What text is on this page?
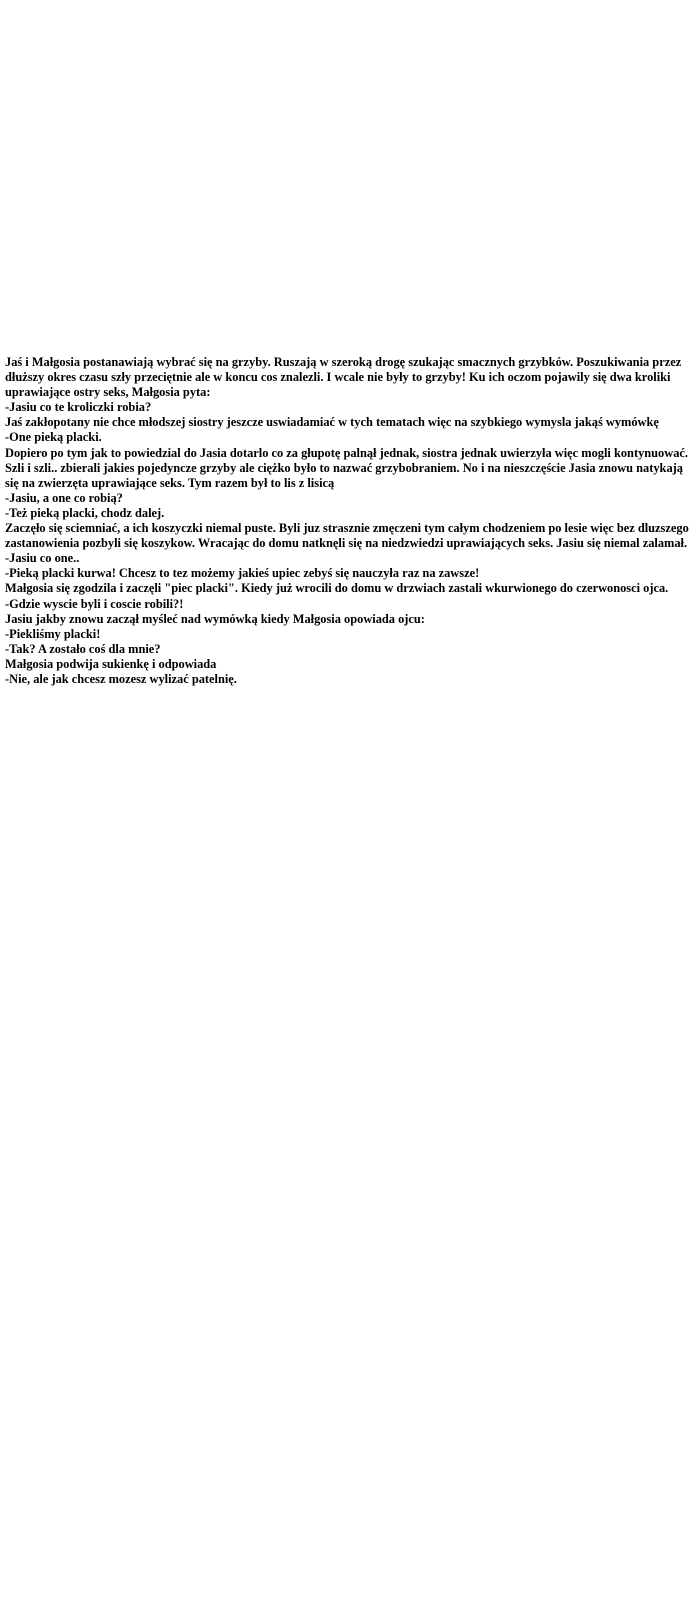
Jaś i Małgosia postanawiają wybrać się na grzyby. Ruszają w szeroką drogę szukając smacznych grzybków. Poszukiwania przez dłuższy okres czasu szły przeciętnie ale w koncu cos znalezli. I wcale nie były to grzyby! Ku ich oczom pojawily się dwa krolikі uprawiające ostry seks, Małgosia pyta:

-Jasiu co te kroliczki robia?

Jaś zakłopotany nie chce młodszej siostry jeszcze uswiadamiać w tych tematach więc na szybkiego wymysla jakąś wymówkę

-One pieką placki.

Dopiero po tym jak to powiedzial do Jasia dotarlo co za głupotę palnął jednak, siostra jednak uwierzyła więc mogli kontynuować. Szli i szli.. zbierali jakies pojedyncze grzyby ale ciężko było to nazwać grzybobraniem. No i na nieszczęście Jasia znowu natykają się na zwierzęta uprawiające seks. Tym razem był to lis z lisicą

-Jasiu, a one co robią?

-Też pieką placki, chodz dalej.

Zaczęło się sciemniać, a ich koszyczki niemal puste. Byli juz strasznie zmęczeni tym całym chodzeniem po lesie więc bez dluzszego zastanowienia pozbyli się koszykow. Wracając do domu natknęli się na niedzwiedzi uprawiających seks. Jasiu się niemal zalamał.

-Jasiu co one..

-Pieką placki kurwa! Chcesz to tez możemy jakieś upiec zebyś się nauczyła raz na zawsze!

Małgosia się zgodzila i zaczęli "piec placki". Kiedy już wrocili do domu w drzwiach zastali wkurwionego do czerwonosci ojca.

-Gdzie wyscie byli i coscie robili?!

Jasiu jakby znowu zaczął myśleć nad wymówką kiedy Małgosia opowiada ojcu:

-Piekliśmy placki!

-Tak? A zostało coś dla mnie?

Małgosia podwija sukienkę i odpowiada

-Nie, ale jak chcesz mozesz wylizać patelnię.
